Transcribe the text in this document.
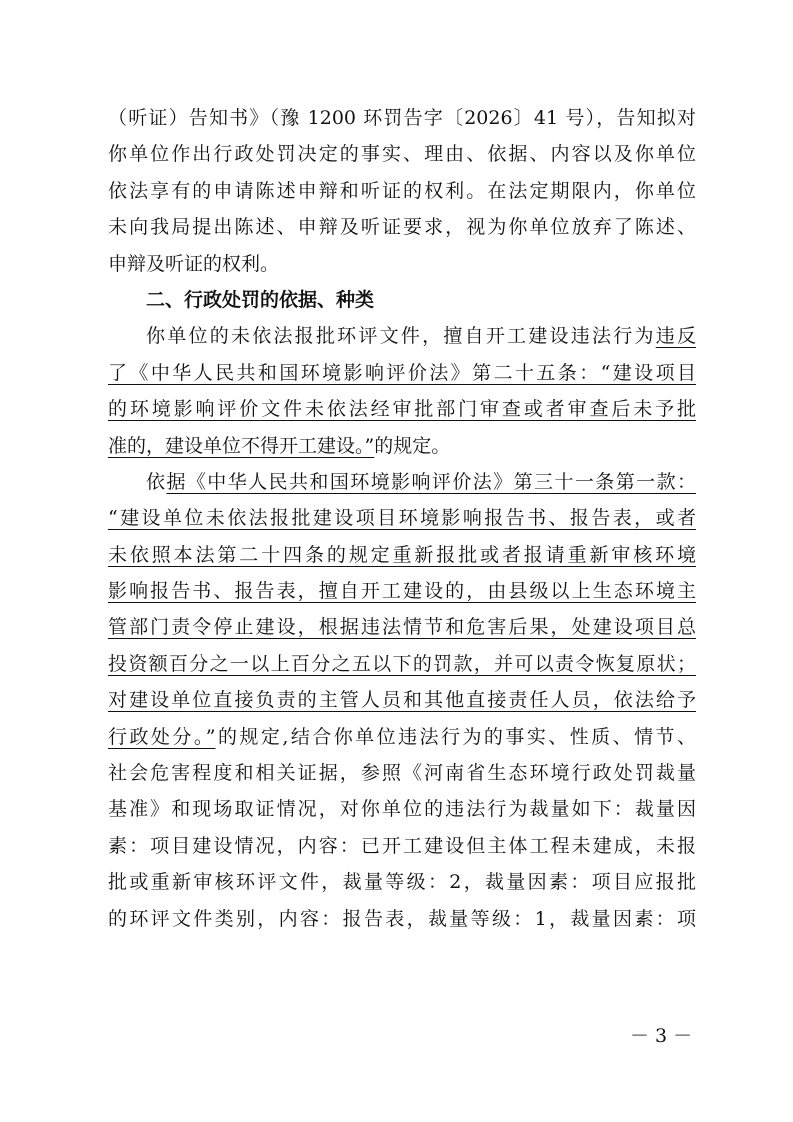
（听证）告知书》（豫 1200 环罚告字〔2026〕41 号），告知拟对
你单位作出行政处罚决定的事实、理由、依据、内容以及你单位
依法享有的申请陈述申辩和听证的权利。在法定期限内，你单位
未向我局提出陈述、申辩及听证要求，视为你单位放弃了陈述、
申辩及听证的权利。
二、行政处罚的依据、种类
你单位的未依法报批环评文件，擅自开工建设违法行为违反
了《中华人民共和国环境影响评价法》第二十五条：“建设项目
的环境影响评价文件未依法经审批部门审查或者审查后未予批
准的，建设单位不得开工建设。”的规定。
依据《中华人民共和国环境影响评价法》第三十一条第一款：
“建设单位未依法报批建设项目环境影响报告书、报告表，或者
未依照本法第二十四条的规定重新报批或者报请重新审核环境
影响报告书、报告表，擅自开工建设的，由县级以上生态环境主
管部门责令停止建设，根据违法情节和危害后果，处建设项目总
投资额百分之一以上百分之五以下的罚款，并可以责令恢复原状；
对建设单位直接负责的主管人员和其他直接责任人员，依法给予
行政处分。”的规定,结合你单位违法行为的事实、性质、情节、
社会危害程度和相关证据，参照《河南省生态环境行政处罚裁量
基准》和现场取证情况，对你单位的违法行为裁量如下：裁量因
素：项目建设情况，内容：已开工建设但主体工程未建成，未报
批或重新审核环评文件，裁量等级：2，裁量因素：项目应报批
的环评文件类别，内容：报告表，裁量等级：1，裁量因素：项
－ 3 －
